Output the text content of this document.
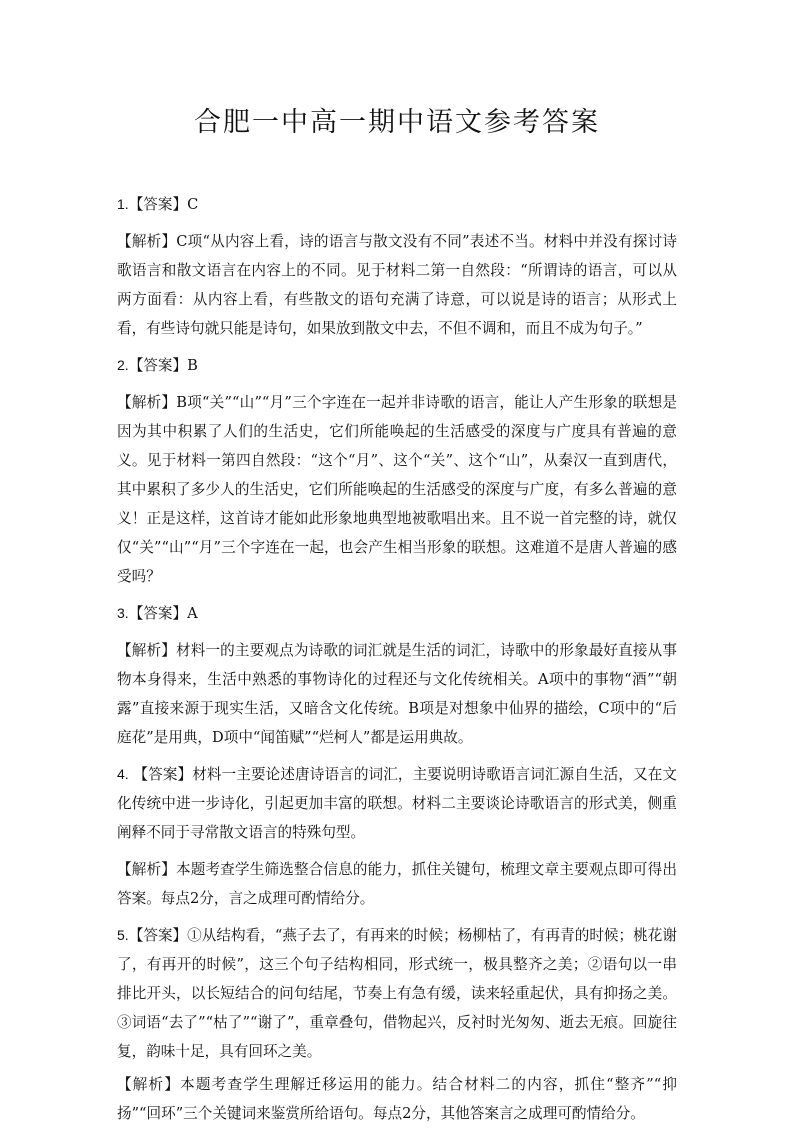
合肥一中高一期中语文参考答案

1.【答案】C

【解析】C项“从内容上看，诗的语言与散文没有不同”表述不当。材料中并没有探讨诗歌语言和散文语言在内容上的不同。见于材料二第一自然段：“所谓诗的语言，可以从两方面看：从内容上看，有些散文的语句充满了诗意，可以说是诗的语言；从形式上看，有些诗句就只能是诗句，如果放到散文中去，不但不调和，而且不成为句子。”

2.【答案】B

【解析】B项“关”“山”“月”三个字连在一起并非诗歌的语言，能让人产生形象的联想是因为其中积累了人们的生活史，它们所能唤起的生活感受的深度与广度具有普遍的意义。见于材料一第四自然段：“这个“月”、这个“关”、这个“山”，从秦汉一直到唐代，其中累积了多少人的生活史，它们所能唤起的生活感受的深度与广度，有多么普遍的意义！正是这样，这首诗才能如此形象地典型地被歌唱出来。且不说一首完整的诗，就仅仅“关”“山”“月”三个字连在一起，也会产生相当形象的联想。这难道不是唐人普遍的感受吗？

3.【答案】A

【解析】材料一的主要观点为诗歌的词汇就是生活的词汇，诗歌中的形象最好直接从事物本身得来，生活中熟悉的事物诗化的过程还与文化传统相关。A项中的事物“酒”“朝露”直接来源于现实生活，又暗含文化传统。B项是对想象中仙界的描绘，C项中的“后庭花”是用典，D项中“闻笛赋”“烂柯人”都是运用典故。

4. 【答案】材料一主要论述唐诗语言的词汇，主要说明诗歌语言词汇源自生活，又在文化传统中进一步诗化，引起更加丰富的联想。材料二主要谈论诗歌语言的形式美，侧重阐释不同于寻常散文语言的特殊句型。

【解析】本题考查学生筛选整合信息的能力，抓住关键句，梳理文章主要观点即可得出答案。每点2分，言之成理可酌情给分。

5.【答案】①从结构看，“燕子去了，有再来的时候；杨柳枯了，有再青的时候；桃花谢了，有再开的时候”，这三个句子结构相同，形式统一，极具整齐之美；②语句以一串排比开头，以长短结合的问句结尾，节奏上有急有缓，读来轻重起伏，具有抑扬之美。③词语“去了”“枯了”“谢了”，重章叠句，借物起兴，反衬时光匆匆、逝去无痕。回旋往复，韵味十足，具有回环之美。

【解析】本题考查学生理解迁移运用的能力。结合材料二的内容，抓住“整齐”“抑扬”“回环”三个关键词来鉴赏所给语句。每点2分，其他答案言之成理可酌情给分。
